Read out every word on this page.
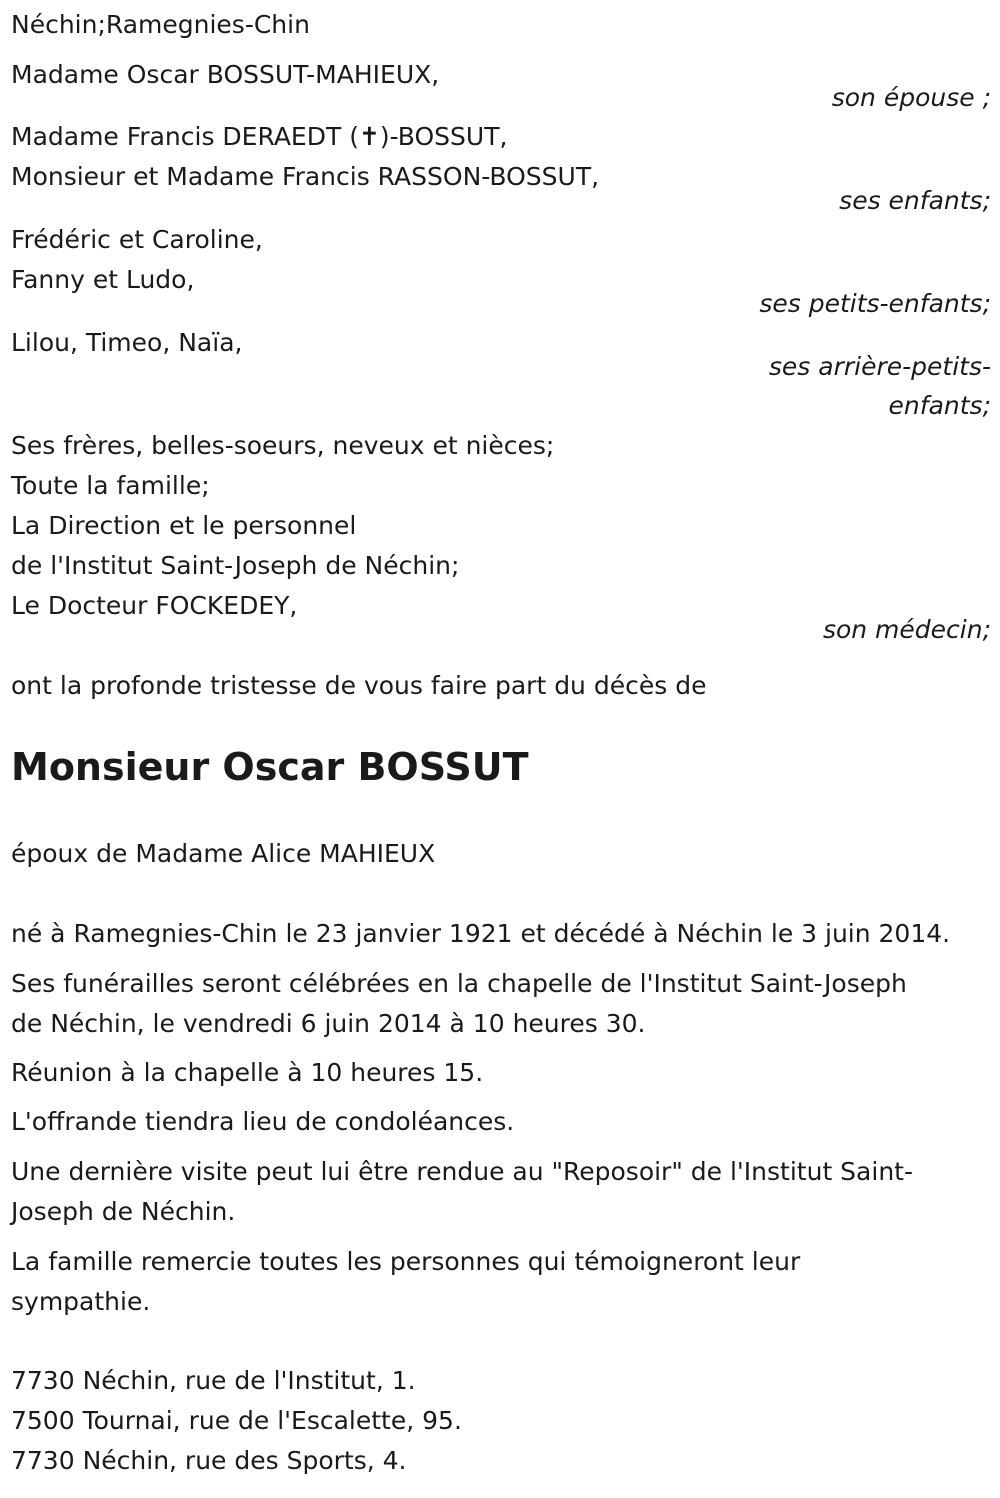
Néchin;Ramegnies-Chin
Madame Oscar BOSSUT-MAHIEUX,
son épouse ;
Madame Francis DERAEDT (✝)-BOSSUT,
Monsieur et Madame Francis RASSON-BOSSUT,
ses enfants;
Frédéric et Caroline,
Fanny et Ludo,
ses petits-enfants;
Lilou, Timeo, Naïa,
ses arrière-petits-
enfants;
Ses frères, belles-soeurs, neveux et nièces;
Toute la famille;
La Direction et le personnel
de l'Institut Saint-Joseph de Néchin;
Le Docteur FOCKEDEY,
son médecin;
ont la profonde tristesse de vous faire part du décès de
Monsieur Oscar BOSSUT
époux de Madame Alice MAHIEUX
né à Ramegnies-Chin le 23 janvier 1921 et décédé à Néchin le 3 juin 2014.
Ses funérailles seront célébrées en la chapelle de l'Institut Saint-Joseph
de Néchin, le vendredi 6 juin 2014 à 10 heures 30.
Réunion à la chapelle à 10 heures 15.
L'offrande tiendra lieu de condoléances.
Une dernière visite peut lui être rendue au "Reposoir" de l'Institut Saint-
Joseph de Néchin.
La famille remercie toutes les personnes qui témoigneront leur
sympathie.
7730 Néchin, rue de l'Institut, 1.
7500 Tournai, rue de l'Escalette, 95.
7730 Néchin, rue des Sports, 4.
